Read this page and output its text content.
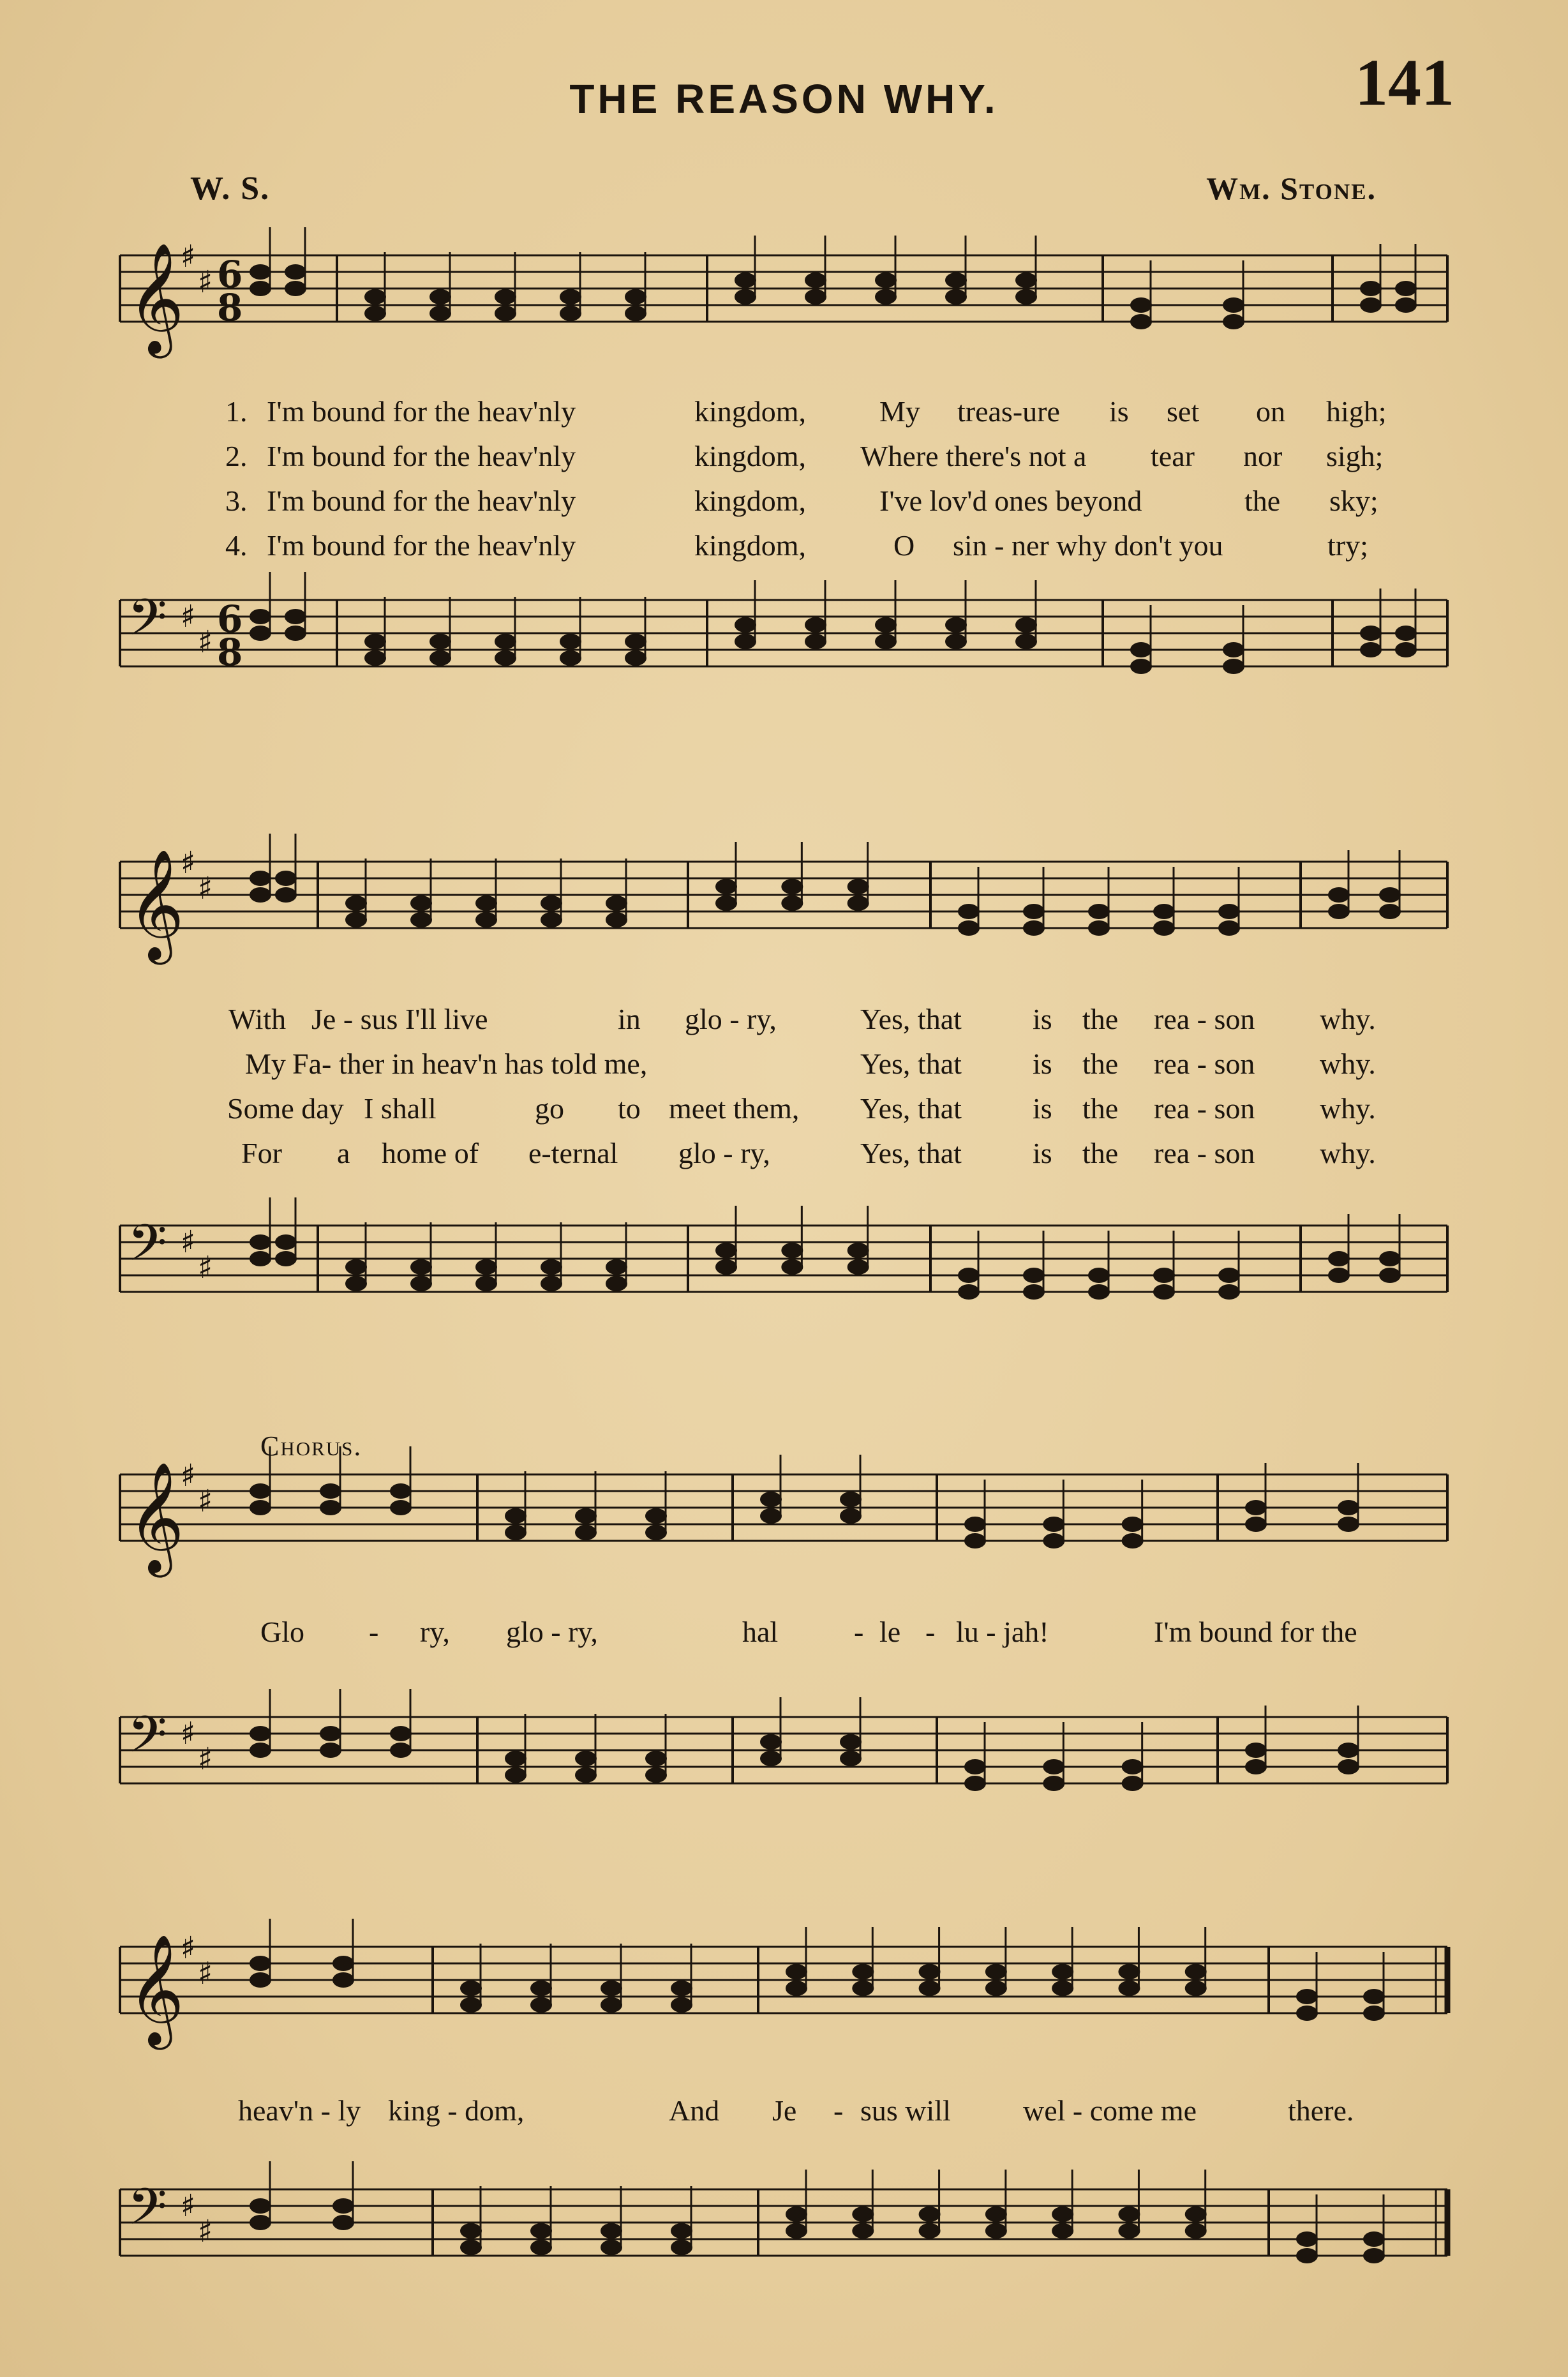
THE REASON WHY.	141
W. S.	Wm. Stone.
𝄞
♯
♯ 6
8
1. I'm bound for the heav'nly	kingdom, My treas-ure is set on high;
2. I'm bound for the heav'nly	kingdom, Where there's not a tear nor sigh;
3. I'm bound for the heav'nly	kingdom, I've lov'd ones beyond	the sky;
4. I'm bound for the heav'nly	kingdom,	O sin - ner why don't you	try;
𝄢 ♯
♯
6
8
𝄞
♯
♯
With Je - sus I'll live	in glo - ry,	Yes, that is the rea - son why.
My Fa- ther in heav'n has told me,	Yes, that is the rea - son why.
Some day I shall	go to meet them, Yes, that is the rea - son why.
For a home of e-ternal glo - ry,	Yes, that is the rea - son why.
𝄢 ♯
♯
Chorus.
𝄞
♯
♯
Glo - ry, glo - ry,	hal	- le - lu - jah!	I'm bound for the
𝄢 ♯
♯
𝄞
♯
♯
heav'n - ly king - dom,	And Je - sus will wel - come me	there.
𝄢 ♯
♯
